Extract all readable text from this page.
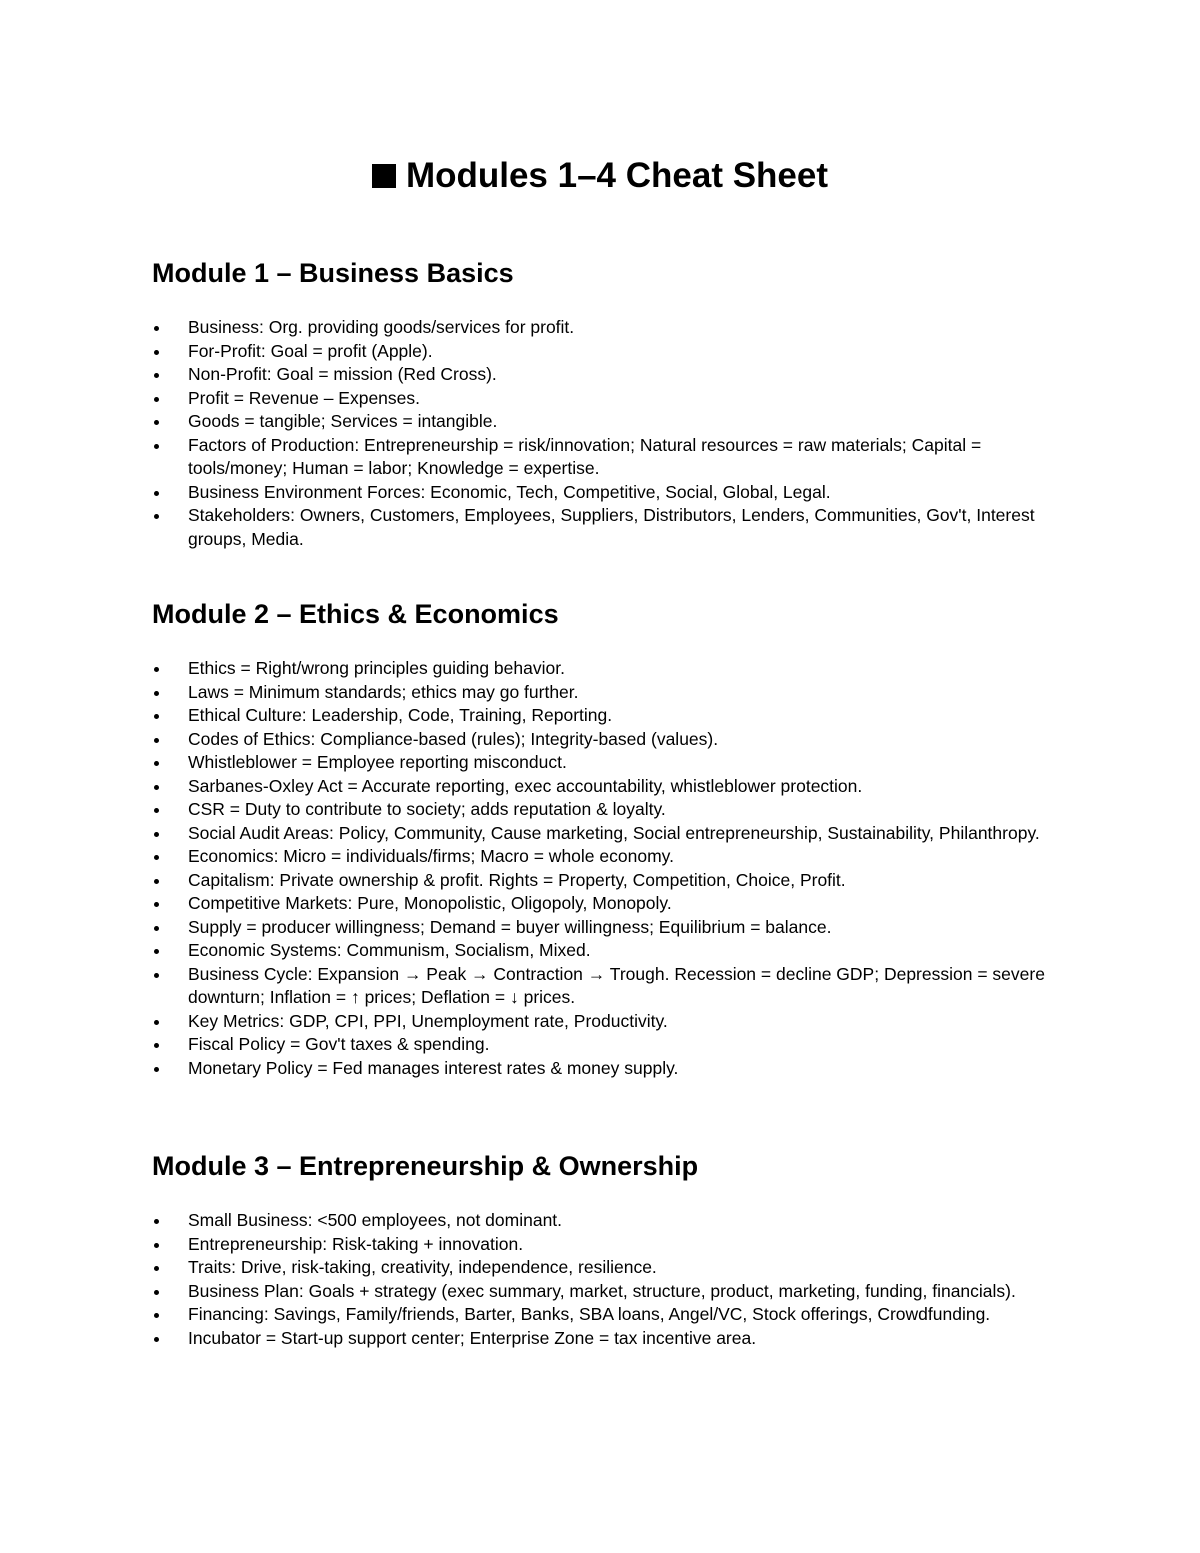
Modules 1–4 Cheat Sheet
Module 1 – Business Basics
Business: Org. providing goods/services for profit.
For-Profit: Goal = profit (Apple).
Non-Profit: Goal = mission (Red Cross).
Profit = Revenue – Expenses.
Goods = tangible; Services = intangible.
Factors of Production: Entrepreneurship = risk/innovation; Natural resources = raw materials; Capital = tools/money; Human = labor; Knowledge = expertise.
Business Environment Forces: Economic, Tech, Competitive, Social, Global, Legal.
Stakeholders: Owners, Customers, Employees, Suppliers, Distributors, Lenders, Communities, Gov't, Interest groups, Media.
Module 2 – Ethics & Economics
Ethics = Right/wrong principles guiding behavior.
Laws = Minimum standards; ethics may go further.
Ethical Culture: Leadership, Code, Training, Reporting.
Codes of Ethics: Compliance-based (rules); Integrity-based (values).
Whistleblower = Employee reporting misconduct.
Sarbanes-Oxley Act = Accurate reporting, exec accountability, whistleblower protection.
CSR = Duty to contribute to society; adds reputation & loyalty.
Social Audit Areas: Policy, Community, Cause marketing, Social entrepreneurship, Sustainability, Philanthropy.
Economics: Micro = individuals/firms; Macro = whole economy.
Capitalism: Private ownership & profit. Rights = Property, Competition, Choice, Profit.
Competitive Markets: Pure, Monopolistic, Oligopoly, Monopoly.
Supply = producer willingness; Demand = buyer willingness; Equilibrium = balance.
Economic Systems: Communism, Socialism, Mixed.
Business Cycle: Expansion → Peak → Contraction → Trough. Recession = decline GDP; Depression = severe downturn; Inflation = ↑ prices; Deflation = ↓ prices.
Key Metrics: GDP, CPI, PPI, Unemployment rate, Productivity.
Fiscal Policy = Gov't taxes & spending.
Monetary Policy = Fed manages interest rates & money supply.
Module 3 – Entrepreneurship & Ownership
Small Business: <500 employees, not dominant.
Entrepreneurship: Risk-taking + innovation.
Traits: Drive, risk-taking, creativity, independence, resilience.
Business Plan: Goals + strategy (exec summary, market, structure, product, marketing, funding, financials).
Financing: Savings, Family/friends, Barter, Banks, SBA loans, Angel/VC, Stock offerings, Crowdfunding.
Incubator = Start-up support center; Enterprise Zone = tax incentive area.
